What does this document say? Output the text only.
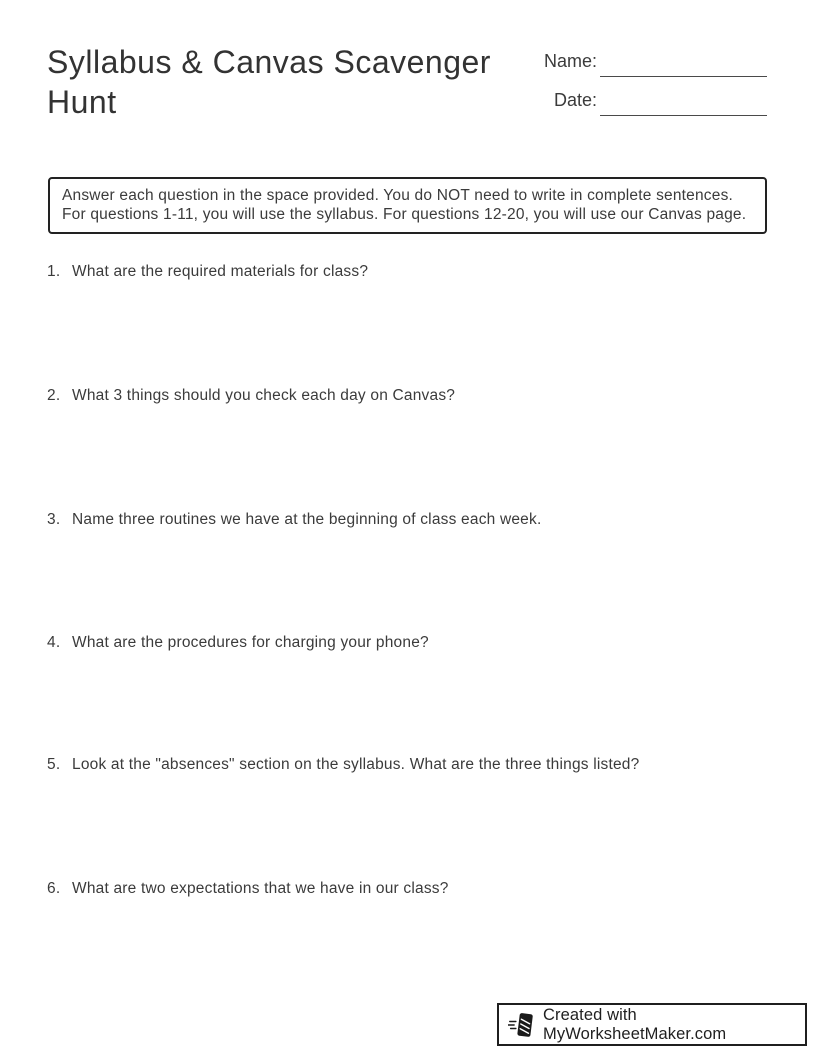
Syllabus & Canvas Scavenger Hunt
Name:
Date:
Answer each question in the space provided. You do NOT need to write in complete sentences. For questions 1-11, you will use the syllabus. For questions 12-20, you will use our Canvas page.
1. What are the required materials for class?
2. What 3 things should you check each day on Canvas?
3. Name three routines we have at the beginning of class each week.
4. What are the procedures for charging your phone?
5. Look at the "absences" section on the syllabus. What are the three things listed?
6. What are two expectations that we have in our class?
Created with MyWorksheetMaker.com
